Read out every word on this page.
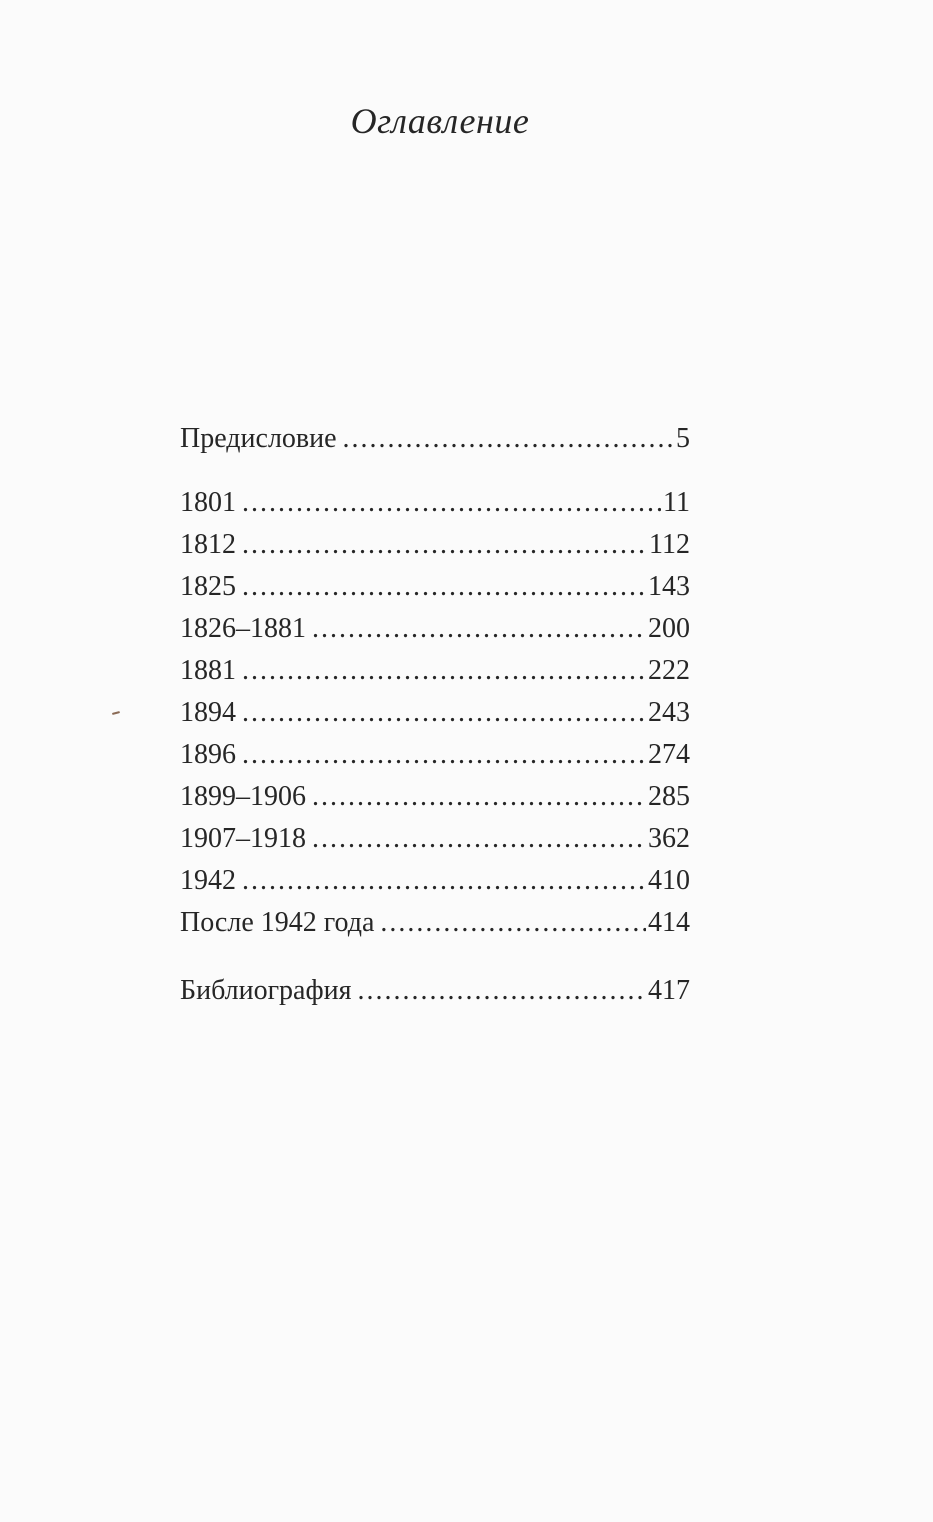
Оглавление
Предисловие .....	5
1801 .....	11
1812 .....	112
1825 .....	143
1826–1881 .....	200
1881 .....	222
1894 .....	243
1896 .....	274
1899–1906 .....	285
1907–1918 .....	362
1942 .....	410
После 1942 года .....	414
Библиография .....	417
